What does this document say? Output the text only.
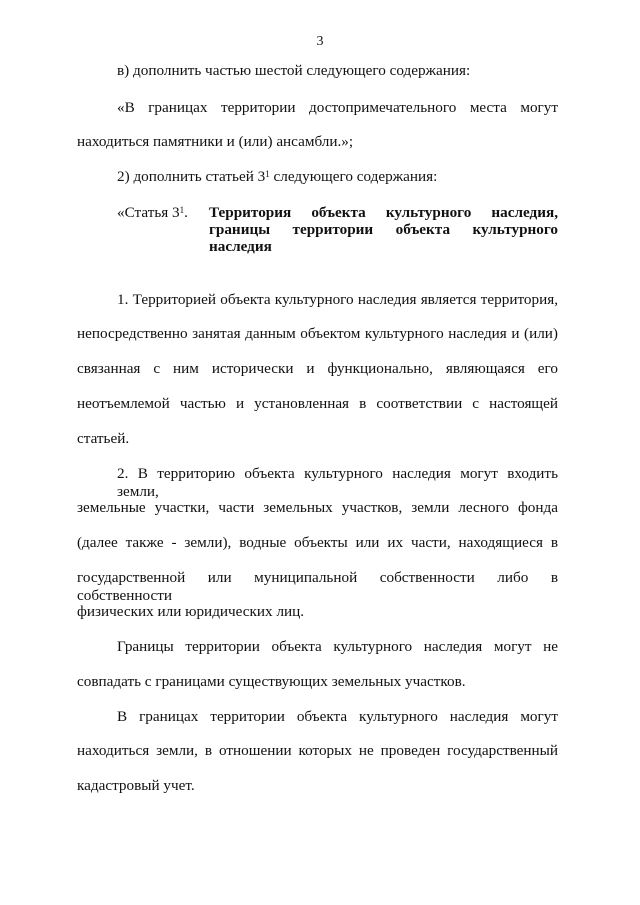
3
в) дополнить частью шестой следующего содержания:
«В границах территории достопримечательного места могут
находиться памятники и (или) ансамбли.»;
2) дополнить статьей $3^1$ следующего содержания:
«Статья $3^1$. Территория объекта культурного наследия,
границы территории объекта культурного
наследия
1. Территорией объекта культурного наследия является территория,
непосредственно занятая данным объектом культурного наследия и (или)
связанная с ним исторически и функционально, являющаяся его
неотъемлемой частью и установленная в соответствии с настоящей
статьей.
2. В территорию объекта культурного наследия могут входить земли,
земельные участки, части земельных участков, земли лесного фонда
(далее также - земли), водные объекты или их части, находящиеся в
государственной или муниципальной собственности либо в собственности
физических или юридических лиц.
Границы территории объекта культурного наследия могут не
совпадать с границами существующих земельных участков.
В границах территории объекта культурного наследия могут
находиться земли, в отношении которых не проведен государственный
кадастровый учет.
